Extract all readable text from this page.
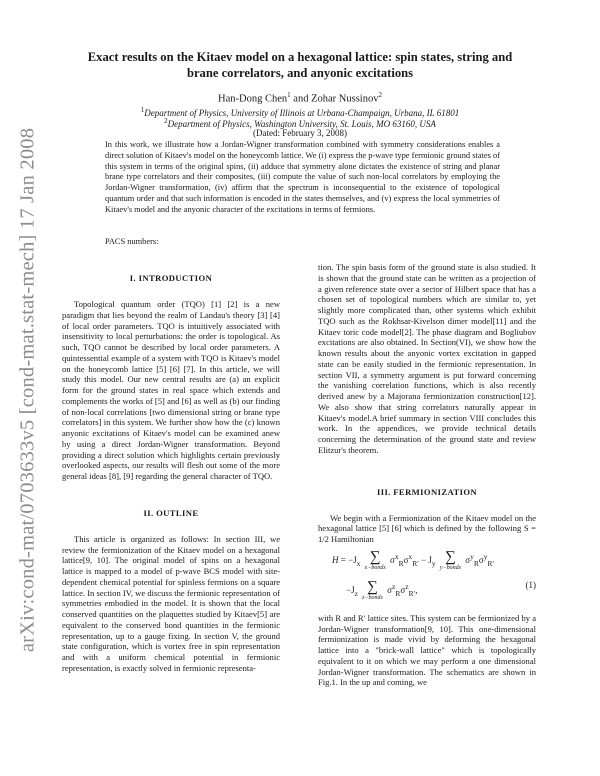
arXiv:cond-mat/0703633v5 [cond-mat.stat-mech] 17 Jan 2008
Exact results on the Kitaev model on a hexagonal lattice: spin states, string and brane correlators, and anyonic excitations
Han-Dong Chen$^1$ and Zohar Nussinov$^2$
$^1$Department of Physics, University of Illinois at Urbana-Champaign, Urbana, IL 61801
$^2$Department of Physics, Washington University, St. Louis, MO 63160, USA
(Dated: February 3, 2008)

In this work, we illustrate how a Jordan-Wigner transformation combined with symmetry considerations enables a direct solution of Kitaev's model on the honeycomb lattice. We (i) express the p-wave type fermionic ground states of this system in terms of the original spins, (ii) adduce that symmetry alone dictates the existence of string and planar brane type correlators and their composites, (iii) compute the value of such non-local correlators by employing the Jordan-Wigner transformation, (iv) affirm that the spectrum is inconsequential to the existence of topological quantum order and that such information is encoded in the states themselves, and (v) express the local symmetries of Kitaev's model and the anyonic character of the excitations in terms of fermions.

PACS numbers:

I. INTRODUCTION

Topological quantum order (TQO) [1] [2] is a new paradigm that lies beyond the realm of Landau's theory [3] [4] of local order parameters. TQO is intuitively associated with insensitivity to local perturbations: the order is topological. As such, TQO cannot be described by local order parameters. A quintessential example of a system with TQO is Kitaev's model on the honeycomb lattice [5] [6] [7]. In this article, we will study this model. Our new central results are (a) an explicit form for the ground states in real space which extends and complements the works of [5] and [6] as well as (b) our finding of non-local correlations [two dimensional string or brane type correlators] in this system. We further show how the (c) known anyonic excitations of Kitaev's model can be examined anew by using a direct Jordan-Wigner transformation. Beyond providing a direct solution which highlights certain previously overlooked aspects, our results will flesh out some of the more general ideas [8], [9] regarding the general character of TQO.

II. OUTLINE

This article is organized as follows: In section III, we review the fermionization of the Kitaev model on a hexagonal lattice[9, 10]. The original model of spins on a hexagonal lattice is mapped to a model of p-wave BCS model with site-dependent chemical potential for spinless fermions on a square lattice. In section IV, we discuss the fermionic representation of symmetries embodied in the model. It is shown that the local conserved quantities on the plaquettes studied by Kitaev[5] are equivalent to the conserved bond quantities in the fermionic representation, up to a gauge fixing. In section V, the ground state configuration, which is vortex free in spin representation and with a uniform chemical potential in fermionic representation, is exactly solved in fermionic representa-

tion. The spin basis form of the ground state is also studied. It is shown that the ground state can be written as a projection of a given reference state over a sector of Hilbert space that has a chosen set of topological numbers which are similar to, yet slightly more complicated than, other systems which exhibit TQO such as the Rokhsar-Kivelson dimer model[11] and the Kitaev toric code model[2]. The phase diagram and Bogliubov excitations are also obtained. In Section(VI), we show how the known results about the anyonic vortex excitation in gapped state can be easily studied in the fermionic representation. In section VII, a symmetry argument is put forward concerning the vanishing correlation functions, which is also recently derived anew by a Majorana fermionization construction[12]. We also show that string correlators naturally appear in Kitaev's model.A brief summary in section VIII concludes this work. In the appendices, we provide technical details concerning the determination of the ground state and review Elitzur's theorem.

III. FERMIONIZATION

We begin with a Fermionization of the Kitaev model on the hexagonal lattice [5] [6] which is defined by the following S = 1/2 Hamiltonian

$H = -J_x$ ∑
x−bonds
$\sigma^x_R\sigma^x_{R'} - J_y$ ∑
y−bonds
$\sigma^y_R\sigma^y_{R'}$
$-J_z$ ∑
z−bonds
$\sigma^z_R\sigma^z_{R'}$,
(1)

with R and R′ lattice sites. This system can be fermionized by a Jordan-Wigner transformation[9, 10]. This one-dimensional fermionization is made vivid by deforming the hexagonal lattice into a "brick-wall lattice" which is topologically equivalent to it on which we may perform a one dimensional Jordan-Wigner transformation. The schematics are shown in Fig.1. In the up and coming, we
